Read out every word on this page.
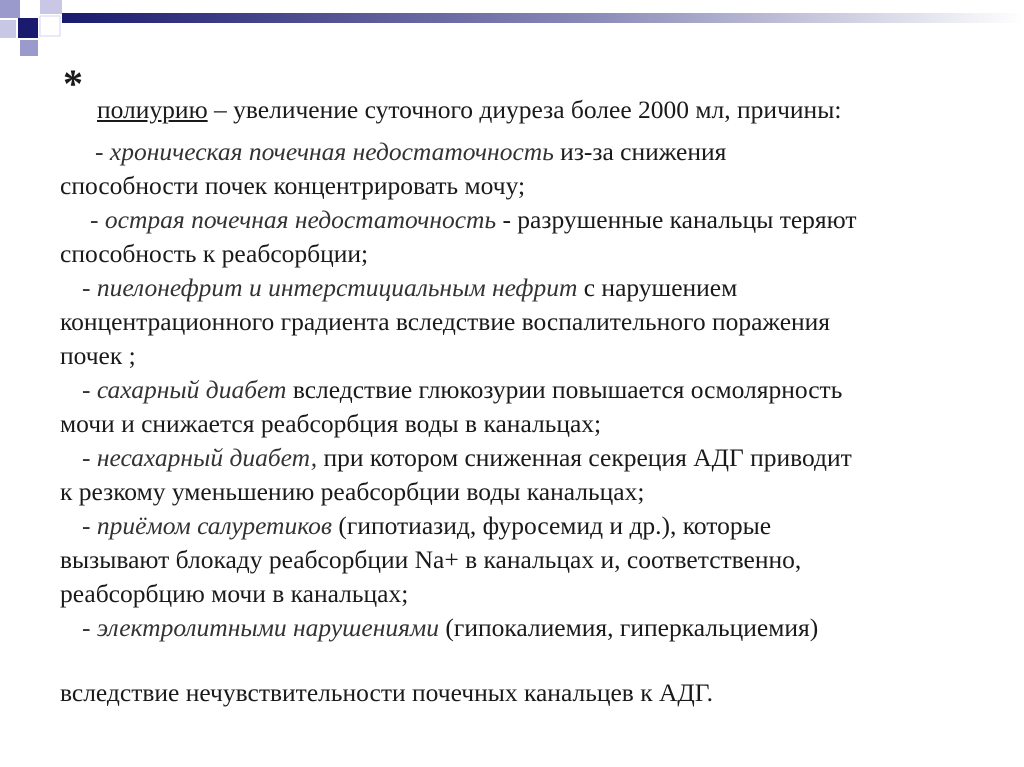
*
полиурию – увеличение суточного диуреза более 2000 мл, причины:
- хроническая почечная недостаточность из-за снижения
способности почек концентрировать мочу;
- острая почечная недостаточность - разрушенные канальцы теряют
способность к реабсорбции;
- пиелонефрит и интерстициальным нефрит с нарушением
концентрационного градиента вследствие воспалительного поражения
почек ;
- сахарный диабет вследствие глюкозурии повышается осмолярность
мочи и снижается реабсорбция воды в канальцах;
- несахарный диабет, при котором сниженная секреция АДГ приводит
к резкому уменьшению реабсорбции воды канальцах;
- приёмом салуретиков (гипотиазид, фуросемид и др.), которые
вызывают блокаду реабсорбции Na+ в канальцах и, соответственно,
реабсорбцию мочи в канальцах;
- электролитными нарушениями (гипокалиемия, гиперкальциемия)
вследствие нечувствительности почечных канальцев к АДГ.
